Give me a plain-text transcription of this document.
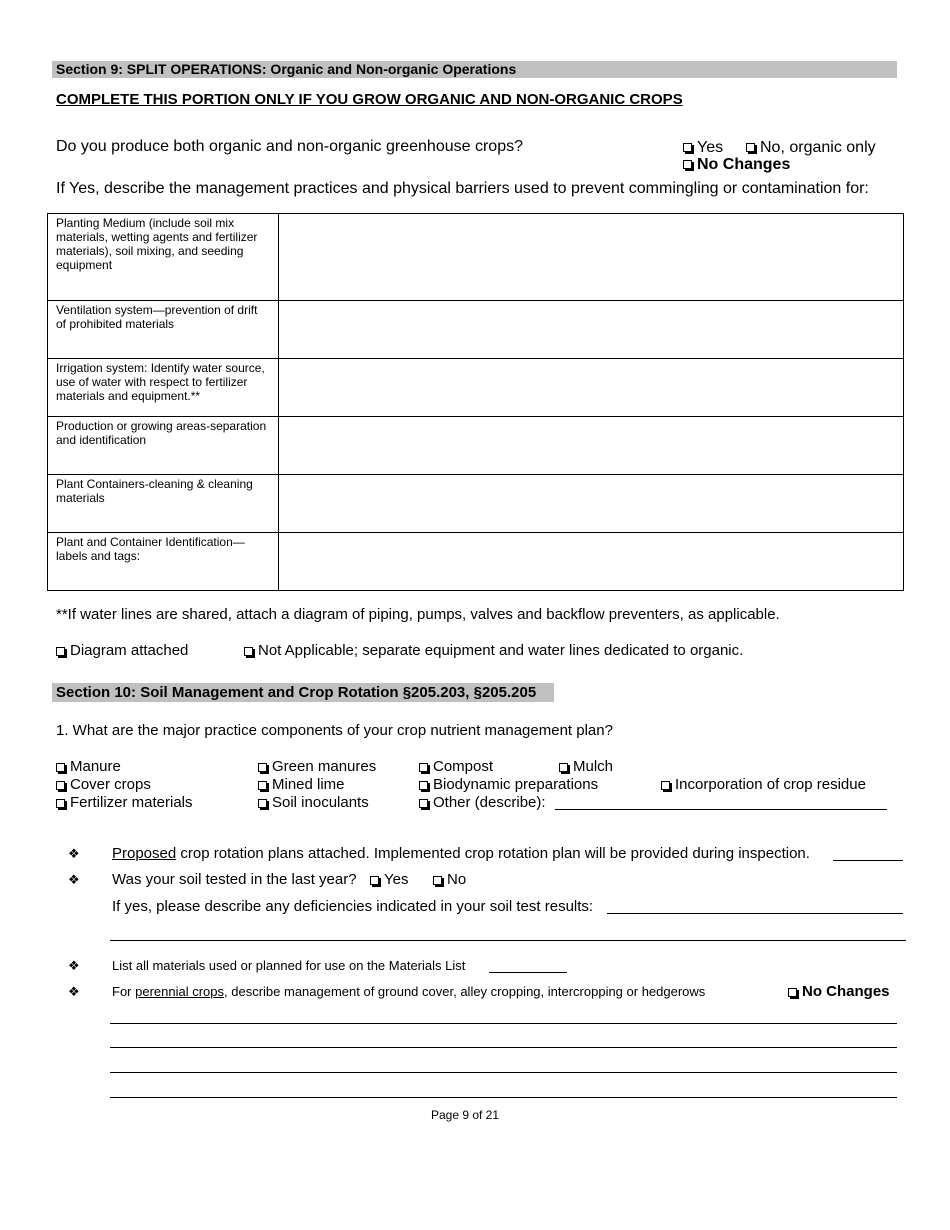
Section 9: SPLIT OPERATIONS: Organic and Non-organic Operations
COMPLETE THIS PORTION ONLY IF YOU GROW ORGANIC AND NON-ORGANIC CROPS
Do you produce both organic and non-organic greenhouse crops?	Yes	No, organic only
No Changes
If Yes, describe the management practices and physical barriers used to prevent commingling or contamination for:
Planting Medium (include soil mix materials, wetting agents and fertilizer materials), soil mixing, and seeding equipment	
Ventilation system—prevention of drift of prohibited materials	
Irrigation system: Identify water source, use of water with respect to fertilizer materials and equipment.**	
Production or growing areas-separation and identification	
Plant Containers-cleaning & cleaning materials	
Plant and Container Identification—labels and tags:	
**If water lines are shared, attach a diagram of piping, pumps, valves and backflow preventers, as applicable.
Diagram attached	Not Applicable; separate equipment and water lines dedicated to organic.
Section 10: Soil Management and Crop Rotation §205.203, §205.205
1. What are the major practice components of your crop nutrient management plan?
Manure	Green manures	Compost	Mulch
Cover crops	Mined lime	Biodynamic preparations	Incorporation of crop residue
Fertilizer materials	Soil inoculants	Other (describe):
❖ Proposed crop rotation plans attached. Implemented crop rotation plan will be provided during inspection.
❖ Was your soil tested in the last year?	Yes	No
If yes, please describe any deficiencies indicated in your soil test results:
❖ List all materials used or planned for use on the Materials List
❖ For perennial crops, describe management of ground cover, alley cropping, intercropping or hedgerows	No Changes
Page 9 of 21
